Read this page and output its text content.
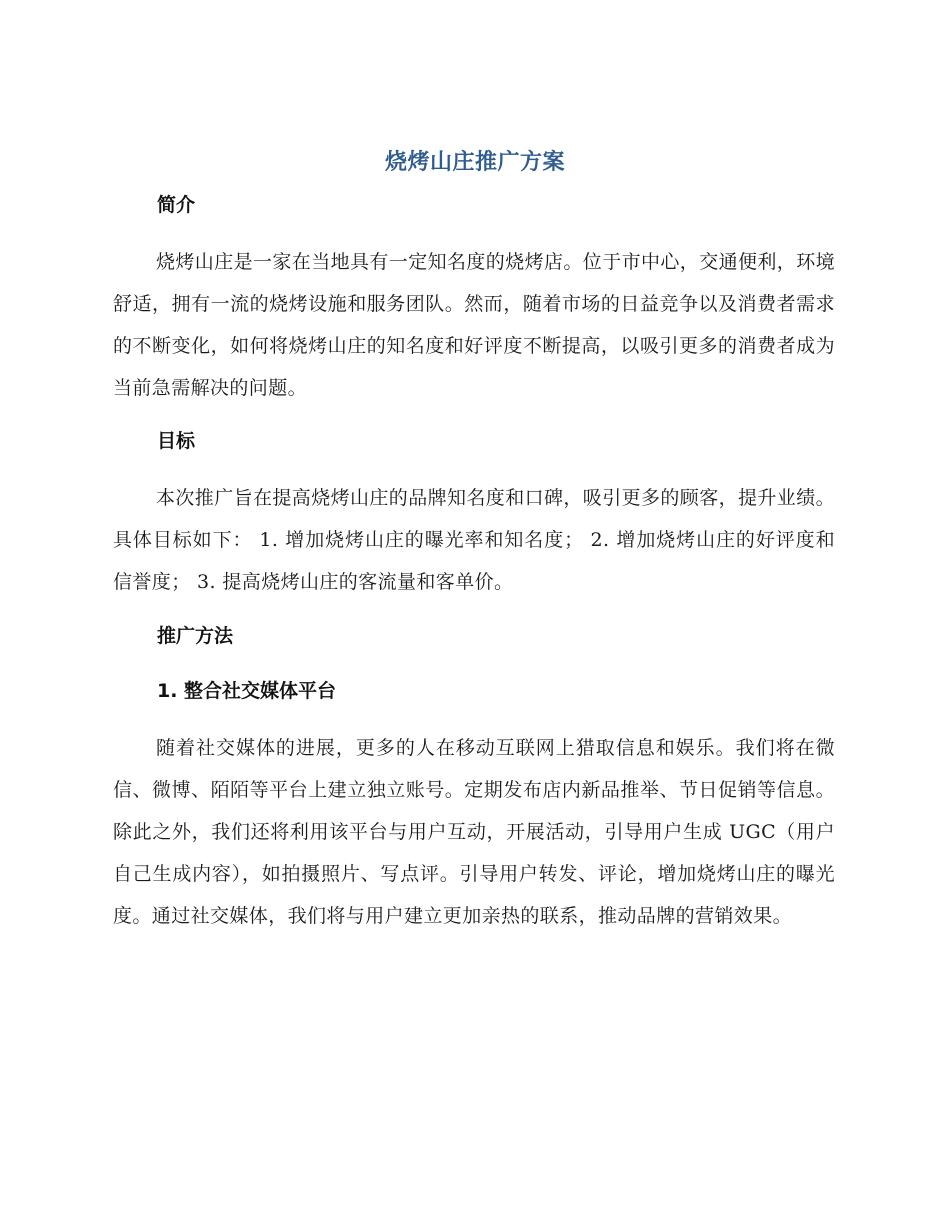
烧烤山庄推广方案
简介
烧烤山庄是一家在当地具有一定知名度的烧烤店。位于市中心，交通便利，环境舒适，拥有一流的烧烤设施和服务团队。然而，随着市场的日益竞争以及消费者需求的不断变化，如何将烧烤山庄的知名度和好评度不断提高，以吸引更多的消费者成为当前急需解决的问题。
目标
本次推广旨在提高烧烤山庄的品牌知名度和口碑，吸引更多的顾客，提升业绩。具体目标如下： 1. 增加烧烤山庄的曝光率和知名度； 2. 增加烧烤山庄的好评度和信誉度； 3. 提高烧烤山庄的客流量和客单价。
推广方法
1. 整合社交媒体平台
随着社交媒体的进展，更多的人在移动互联网上猎取信息和娱乐。我们将在微信、微博、陌陌等平台上建立独立账号。定期发布店内新品推举、节日促销等信息。除此之外，我们还将利用该平台与用户互动，开展活动，引导用户生成 UGC（用户自己生成内容），如拍摄照片、写点评。引导用户转发、评论，增加烧烤山庄的曝光度。通过社交媒体，我们将与用户建立更加亲热的联系，推动品牌的营销效果。
